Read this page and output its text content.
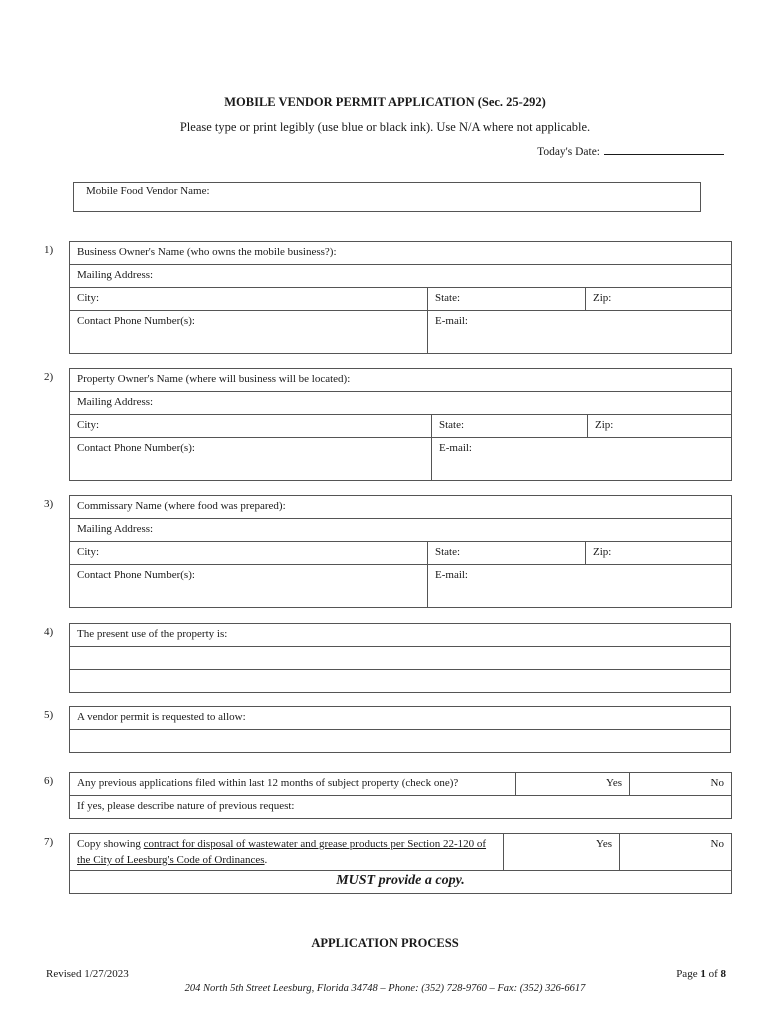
MOBILE VENDOR PERMIT APPLICATION (Sec. 25-292)
Please type or print legibly (use blue or black ink). Use N/A where not applicable.
Today's Date:
Mobile Food Vendor Name:
1) Business Owner's Name (who owns the mobile business?):		
Mailing Address:		
City:	State:	Zip:
Contact Phone Number(s):	E-mail:	
2) Property Owner's Name (where will business will be located):		
Mailing Address:		
City:	State:	Zip:
Contact Phone Number(s):	E-mail:	
3) Commissary Name (where food was prepared):		
Mailing Address:		
City:	State:	Zip:
Contact Phone Number(s):	E-mail:	
4) The present use of the property is:

5) A vendor permit is requested to allow:

6) Any previous applications filed within last 12 months of subject property (check one)?	Yes	No
If yes, please describe nature of previous request:
7) Copy showing contract for disposal of wastewater and grease products per Section 22-120 of the City of Leesburg's Code of Ordinances.	Yes	No
MUST provide a copy.
APPLICATION PROCESS
Revised 1/27/2023	Page 1 of 8
204 North 5th Street Leesburg, Florida 34748 – Phone: (352) 728-9760 – Fax: (352) 326-6617
